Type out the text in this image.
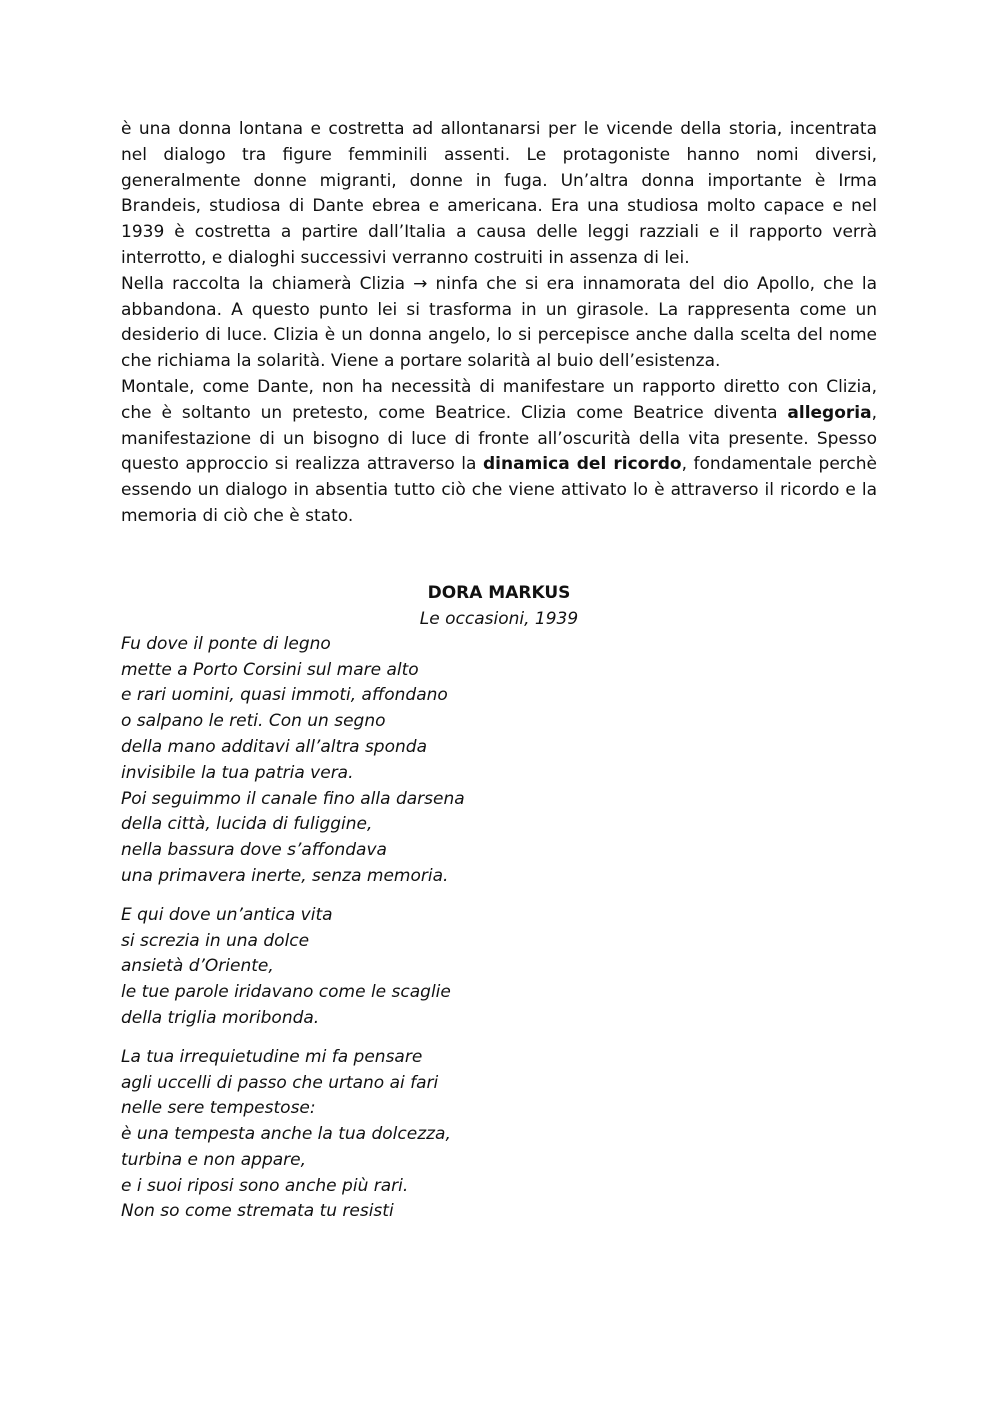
è una donna lontana e costretta ad allontanarsi per le vicende della storia, incentrata nel dialogo tra figure femminili assenti. Le protagoniste hanno nomi diversi, generalmente donne migranti, donne in fuga. Un’altra donna importante è Irma Brandeis, studiosa di Dante ebrea e americana. Era una studiosa molto capace e nel 1939 è costretta a partire dall’Italia a causa delle leggi razziali e il rapporto verrà interrotto, e dialoghi successivi verranno costruiti in assenza di lei.

Nella raccolta la chiamerà Clizia → ninfa che si era innamorata del dio Apollo, che la abbandona. A questo punto lei si trasforma in un girasole. La rappresenta come un desiderio di luce. Clizia è un donna angelo, lo si percepisce anche dalla scelta del nome che richiama la solarità. Viene a portare solarità al buio dell’esistenza.

Montale, come Dante, non ha necessità di manifestare un rapporto diretto con Clizia, che è soltanto un pretesto, come Beatrice. Clizia come Beatrice diventa allegoria, manifestazione di un bisogno di luce di fronte all’oscurità della vita presente. Spesso questo approccio si realizza attraverso la dinamica del ricordo, fondamentale perchè essendo un dialogo in absentia tutto ciò che viene attivato lo è attraverso il ricordo e la memoria di ciò che è stato.

DORA MARKUS

Le occasioni, 1939

Fu dove il ponte di legno
mette a Porto Corsini sul mare alto
e rari uomini, quasi immoti, affondano
o salpano le reti. Con un segno
della mano additavi all’altra sponda
invisibile la tua patria vera.
Poi seguimmo il canale fino alla darsena
della città, lucida di fuliggine,
nella bassura dove s’affondava
una primavera inerte, senza memoria.
E qui dove un’antica vita
si screzia in una dolce
ansietà d’Oriente,
le tue parole iridavano come le scaglie
della triglia moribonda.
La tua irrequietudine mi fa pensare
agli uccelli di passo che urtano ai fari
nelle sere tempestose:
è una tempesta anche la tua dolcezza,
turbina e non appare,
e i suoi riposi sono anche più rari.
Non so come stremata tu resisti
